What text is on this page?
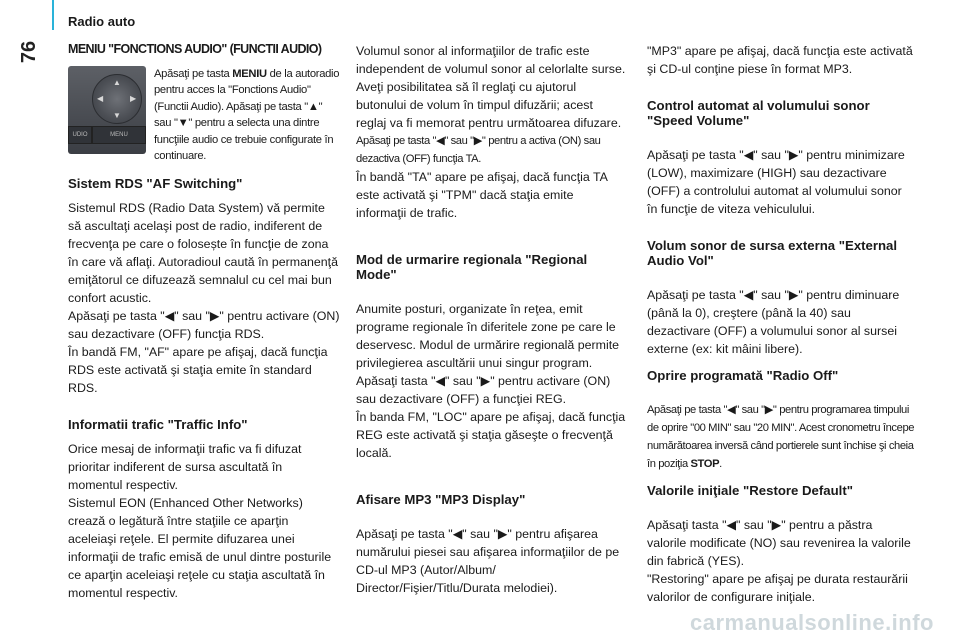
Radio auto
76 MENIU "FONCTIONS AUDIO" (FUNCTII AUDIO)
▲
▼
◀	▶
UDIO	MENU
Apăsaţi pe tasta MENIU de la autoradio pentru acces la "Fonctions Audio" (Functii Audio). Apăsaţi pe tasta "▲" sau "▼" pentru a selecta una dintre funcţiile audio ce trebuie configurate în continuare.
Sistem RDS "AF Switching"

Sistemul RDS (Radio Data System) vă permite să ascultaţi acelaşi post de radio, indiferent de frecvenţa pe care o folosește în funcţie de zona în care vă aflaţi. Autoradioul caută în permanenţă emiţătorul ce difuzează semnalul cu cel mai bun confort acustic.

Apăsaţi pe tasta "◀" sau "▶" pentru activare (ON) sau dezactivare (OFF) funcţia RDS.

În bandă FM, "AF" apare pe afişaj, dacă funcţia RDS este activată şi staţia emite în standard RDS.

Informatii trafic "Traffic Info"

Orice mesaj de informaţii trafic va fi difuzat prioritar indiferent de sursa ascultată în momentul respectiv.

Sistemul EON (Enhanced Other Networks) crează o legătură între staţiile ce aparţin aceleiaşi reţele. El permite difuzarea unei informaţii de trafic emisă de unul dintre posturile ce aparţin aceleiaşi reţele cu staţia ascultată în momentul respectiv.

Volumul sonor al informaţiilor de trafic este independent de volumul sonor al celorlalte surse. Aveţi posibilitatea să îl reglaţi cu ajutorul butonului de volum în timpul difuzării; acest reglaj va fi memorat pentru următoarea difuzare.

Apăsaţi pe tasta "◀" sau "▶" pentru a activa (ON) sau dezactiva (OFF) funcţia TA.

În bandă "TA" apare pe afişaj, dacă funcţia TA este activată şi "TPM" dacă staţia emite informaţii de trafic.

Mod de urmarire regionala "Regional Mode"

Anumite posturi, organizate în reţea, emit programe regionale în diferitele zone pe care le deservesc. Modul de urmărire regională permite privilegierea ascultării unui singur program.

Apăsaţi tasta "◀" sau "▶" pentru activare (ON) sau dezactivare (OFF) a funcţiei REG.

În banda FM, "LOC" apare pe afişaj, dacă funcţia REG este activată şi staţia găseşte o frecvenţă locală.

Afisare MP3 "MP3 Display"

Apăsaţi pe tasta "◀" sau "▶" pentru afişarea numărului piesei sau afişarea informaţiilor de pe CD-ul MP3 (Autor/Album/ Director/Fişier/Titlu/Durata melodiei).

"MP3" apare pe afişaj, dacă funcţia este activată şi CD-ul conţine piese în format MP3.

Control automat al volumului sonor "Speed Volume"

Apăsaţi pe tasta "◀" sau "▶" pentru minimizare (LOW), maximizare (HIGH) sau dezactivare (OFF) a controlului automat al volumului sonor în funcţie de viteza vehiculului.

Volum sonor de sursa externa "External Audio Vol"

Apăsaţi pe tasta "◀" sau "▶" pentru diminuare (până la 0), creştere (până la 40) sau dezactivare (OFF) a volumului sonor al sursei externe (ex: kit mâini libere).

Oprire programată "Radio Off"

Apăsaţi pe tasta "◀" sau "▶" pentru programarea timpului de oprire "00 MIN" sau "20 MIN". Acest cronometru începe numărătoarea inversă când portierele sunt închise şi cheia în poziţia STOP.

Valorile iniţiale "Restore Default"

Apăsaţi tasta "◀" sau "▶" pentru a păstra valorile modificate (NO) sau revenirea la valorile din fabrică (YES).

"Restoring" apare pe afişaj pe durata restaurării valorilor de configurare iniţiale.

carmanualsonline.info
